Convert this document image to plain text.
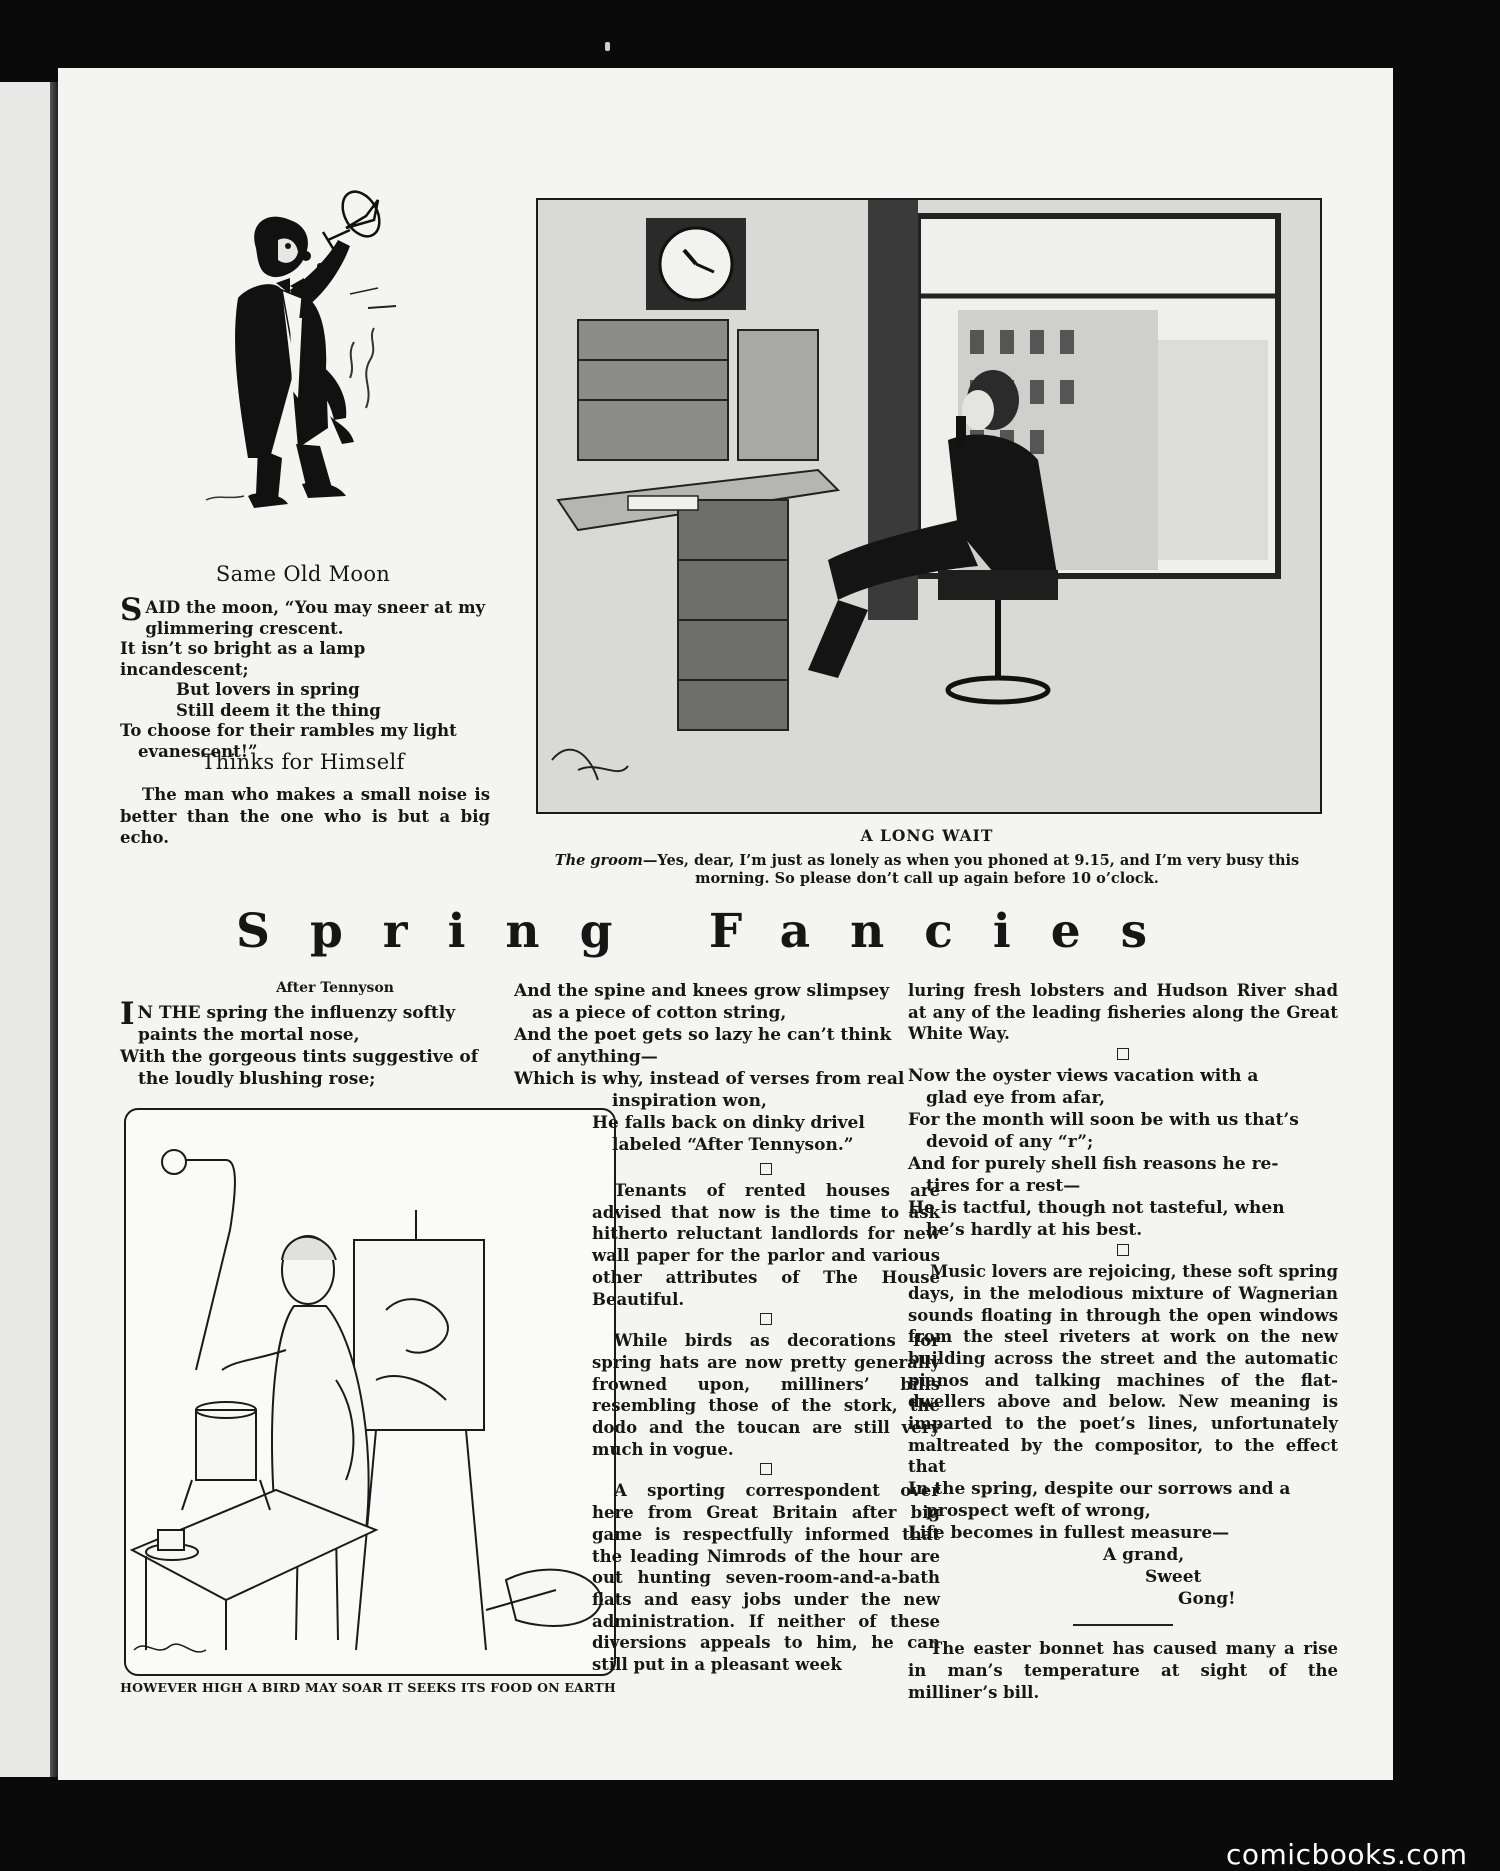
Same Old Moon
S AID the moon, “You may sneer at my
glimmering crescent.
It isn’t so bright as a lamp incandescent;
But lovers in spring
Still deem it the thing
To choose for their rambles my light
evanescent!”

Thinks for Himself

The man who makes a small noise is better than the one who is but a big echo.	A LONG WAIT
The groom—Yes, dear, I’m just as lonely as when you phoned at 9.15, and I’m very busy this morning. So please don’t call up again before 10 o’clock.
Spring Fancies
After Tennyson
I N THE spring the influenzy softly
paints the mortal nose,
With the gorgeous tints suggestive of
the loudly blushing rose;

HOWEVER HIGH A BIRD MAY SOAR IT SEEKS ITS FOOD ON EARTH

And the spine and knees grow slimpsey
as a piece of cotton string,
And the poet gets so lazy he can’t think
of anything—
Which is why, instead of verses from real
inspiration won,
He falls back on dinky drivel
labeled “After Tennyson.”

Tenants of rented houses are advised that now is the time to ask hitherto reluctant landlords for new wall paper for the parlor and various other attributes of The House Beautiful.

While birds as decorations for spring hats are now pretty generally frowned upon, milliners’ bills resembling those of the stork, the dodo and the toucan are still very much in vogue.

A sporting correspondent over here from Great Britain after big game is respectfully informed that the leading Nimrods of the hour are out hunting seven-room-and-a-bath flats and easy jobs under the new administration. If neither of these diversions appeals to him, he can still put in a pleasant week

luring fresh lobsters and Hudson River shad at any of the leading fisheries along the Great White Way.

Now the oyster views vacation with a
glad eye from afar,
For the month will soon be with us that’s
devoid of any “r”;
And for purely shell fish reasons he re-
tires for a rest—
He is tactful, though not tasteful, when
he’s hardly at his best.

Music lovers are rejoicing, these soft spring days, in the melodious mixture of Wagnerian sounds floating in through the open windows from the steel riveters at work on the new building across the street and the automatic pianos and talking machines of the flat-dwellers above and below. New meaning is imparted to the poet’s lines, unfortunately maltreated by the compositor, to the effect that

In the spring, despite our sorrows and a
prospect weft of wrong,
Life becomes in fullest measure—
A grand,
Sweet
Gong!

The easter bonnet has caused many a rise in man’s temperature at sight of the milliner’s bill.

comicbooks.com
